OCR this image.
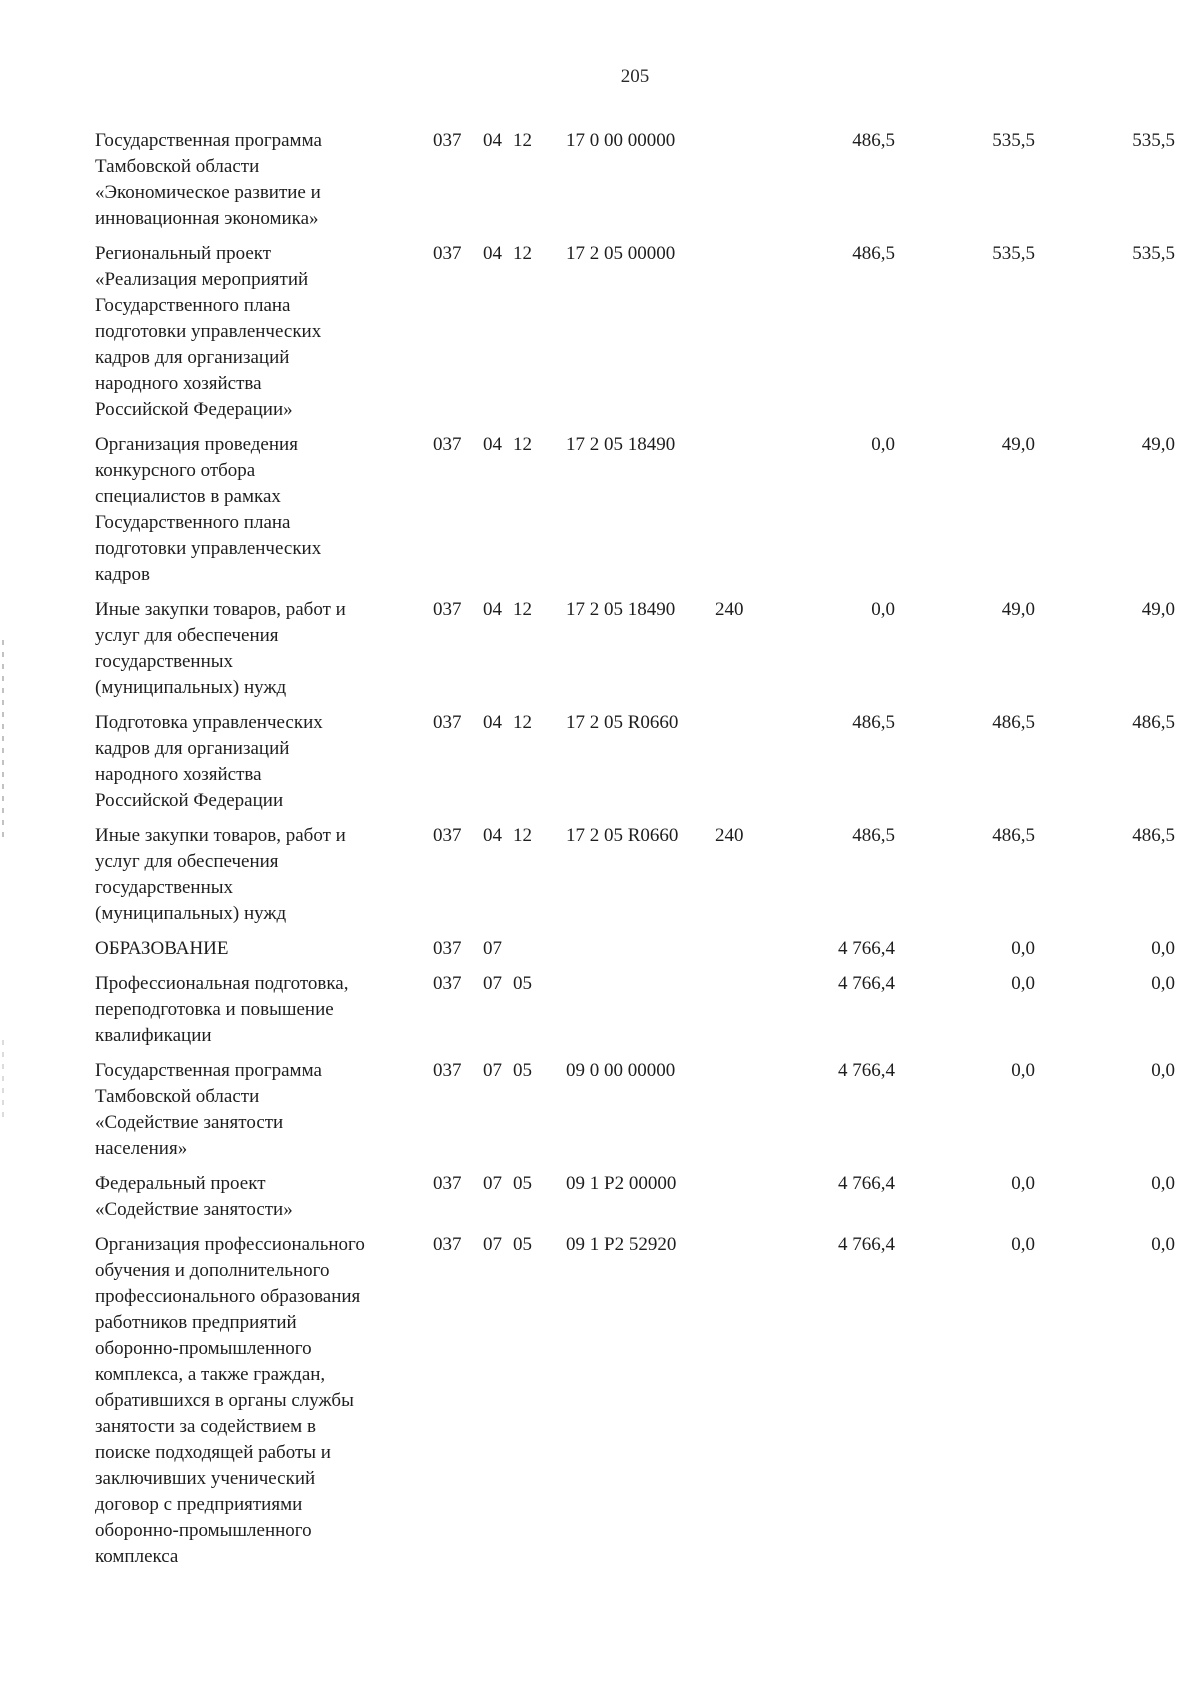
205
Государственная программа
Тамбовской области
«Экономическое развитие и
инновационная экономика»
037 04 12 17 0 00 00000	486,5	535,5	535,5
Региональный проект
«Реализация мероприятий
Государственного плана
подготовки управленческих
кадров для организаций
народного хозяйства
Российской Федерации»
037 04 12 17 2 05 00000	486,5	535,5	535,5
Организация проведения
конкурсного отбора
специалистов в рамках
Государственного плана
подготовки управленческих
кадров
037 04 12 17 2 05 18490	0,0	49,0	49,0
Иные закупки товаров, работ и
услуг для обеспечения
государственных
(муниципальных) нужд
037 04 12 17 2 05 18490 240	0,0	49,0	49,0
Подготовка управленческих
кадров для организаций
народного хозяйства
Российской Федерации
037 04 12 17 2 05 R0660	486,5	486,5	486,5
Иные закупки товаров, работ и
услуг для обеспечения
государственных
(муниципальных) нужд
037 04 12 17 2 05 R0660 240	486,5	486,5	486,5
ОБРАЗОВАНИЕ	037 07	4 766,4	0,0	0,0
Профессиональная подготовка,
переподготовка и повышение
квалификации
037 07 05	4 766,4	0,0	0,0
Государственная программа
Тамбовской области
«Содействие занятости
населения»
037 07 05 09 0 00 00000	4 766,4	0,0	0,0
Федеральный проект
«Содействие занятости»
037 07 05 09 1 P2 00000	4 766,4	0,0	0,0
Организация профессионального
обучения и дополнительного
профессионального образования
работников предприятий
оборонно-промышленного
комплекса, а также граждан,
обратившихся в органы службы
занятости за содействием в
поиске подходящей работы и
заключивших ученический
договор с предприятиями
оборонно-промышленного
комплекса
037 07 05 09 1 P2 52920	4 766,4	0,0	0,0
